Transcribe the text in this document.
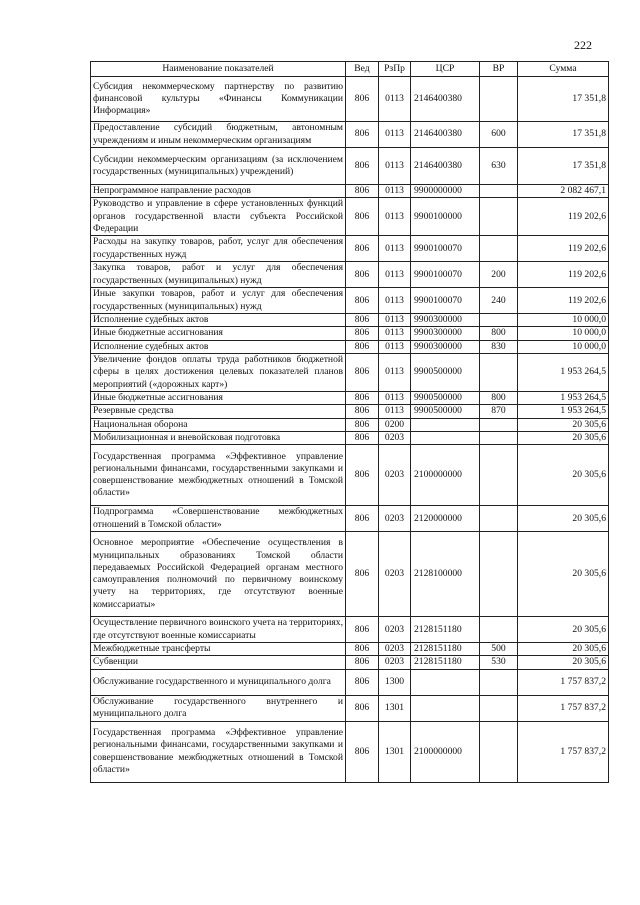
222
Наименование показателей	Вед	РзПр	ЦСР	ВР	Сумма
Субсидия некоммерческому партнерству по развитию финансовой культуры «Финансы Коммуникации Информация»	806	0113	2146400380		17 351,8
Предоставление субсидий бюджетным, автономным учреждениям и иным некоммерческим организациям	806	0113	2146400380	600	17 351,8
Субсидии некоммерческим организациям (за исключением государственных (муниципальных) учреждений)	806	0113	2146400380	630	17 351,8
Непрограммное направление расходов	806	0113	9900000000		2 082 467,1
Руководство и управление в сфере установленных функций органов государственной власти субъекта Российской Федерации	806	0113	9900100000		119 202,6
Расходы на закупку товаров, работ, услуг для обеспечения государственных нужд	806	0113	9900100070		119 202,6
Закупка товаров, работ и услуг для обеспечения государственных (муниципальных) нужд	806	0113	9900100070	200	119 202,6
Иные закупки товаров, работ и услуг для обеспечения государственных (муниципальных) нужд	806	0113	9900100070	240	119 202,6
Исполнение судебных актов	806	0113	9900300000		10 000,0
Иные бюджетные ассигнования	806	0113	9900300000	800	10 000,0
Исполнение судебных актов	806	0113	9900300000	830	10 000,0
Увеличение фондов оплаты труда работников бюджетной сферы в целях достижения целевых показателей планов мероприятий («дорожных карт»)	806	0113	9900500000		1 953 264,5
Иные бюджетные ассигнования	806	0113	9900500000	800	1 953 264,5
Резервные средства	806	0113	9900500000	870	1 953 264,5
Национальная оборона	806	0200			20 305,6
Мобилизационная и вневойсковая подготовка	806	0203			20 305,6
Государственная программа «Эффективное управление региональными финансами, государственными закупками и совершенствование межбюджетных отношений в Томской области»	806	0203	2100000000		20 305,6
Подпрограмма «Совершенствование межбюджетных отношений в Томской области»	806	0203	2120000000		20 305,6
Основное мероприятие «Обеспечение осуществления в муниципальных образованиях Томской области передаваемых Российской Федерацией органам местного самоуправления полномочий по первичному воинскому учету на территориях, где отсутствуют военные комиссариаты»	806	0203	2128100000		20 305,6
Осуществление первичного воинского учета на территориях, где отсутствуют военные комиссариаты	806	0203	2128151180		20 305,6
Межбюджетные трансферты	806	0203	2128151180	500	20 305,6
Субвенции	806	0203	2128151180	530	20 305,6
Обслуживание государственного и муниципального долга	806	1300			1 757 837,2
Обслуживание государственного внутреннего и муниципального долга	806	1301			1 757 837,2
Государственная программа «Эффективное управление региональными финансами, государственными закупками и совершенствование межбюджетных отношений в Томской области»	806	1301	2100000000		1 757 837,2
